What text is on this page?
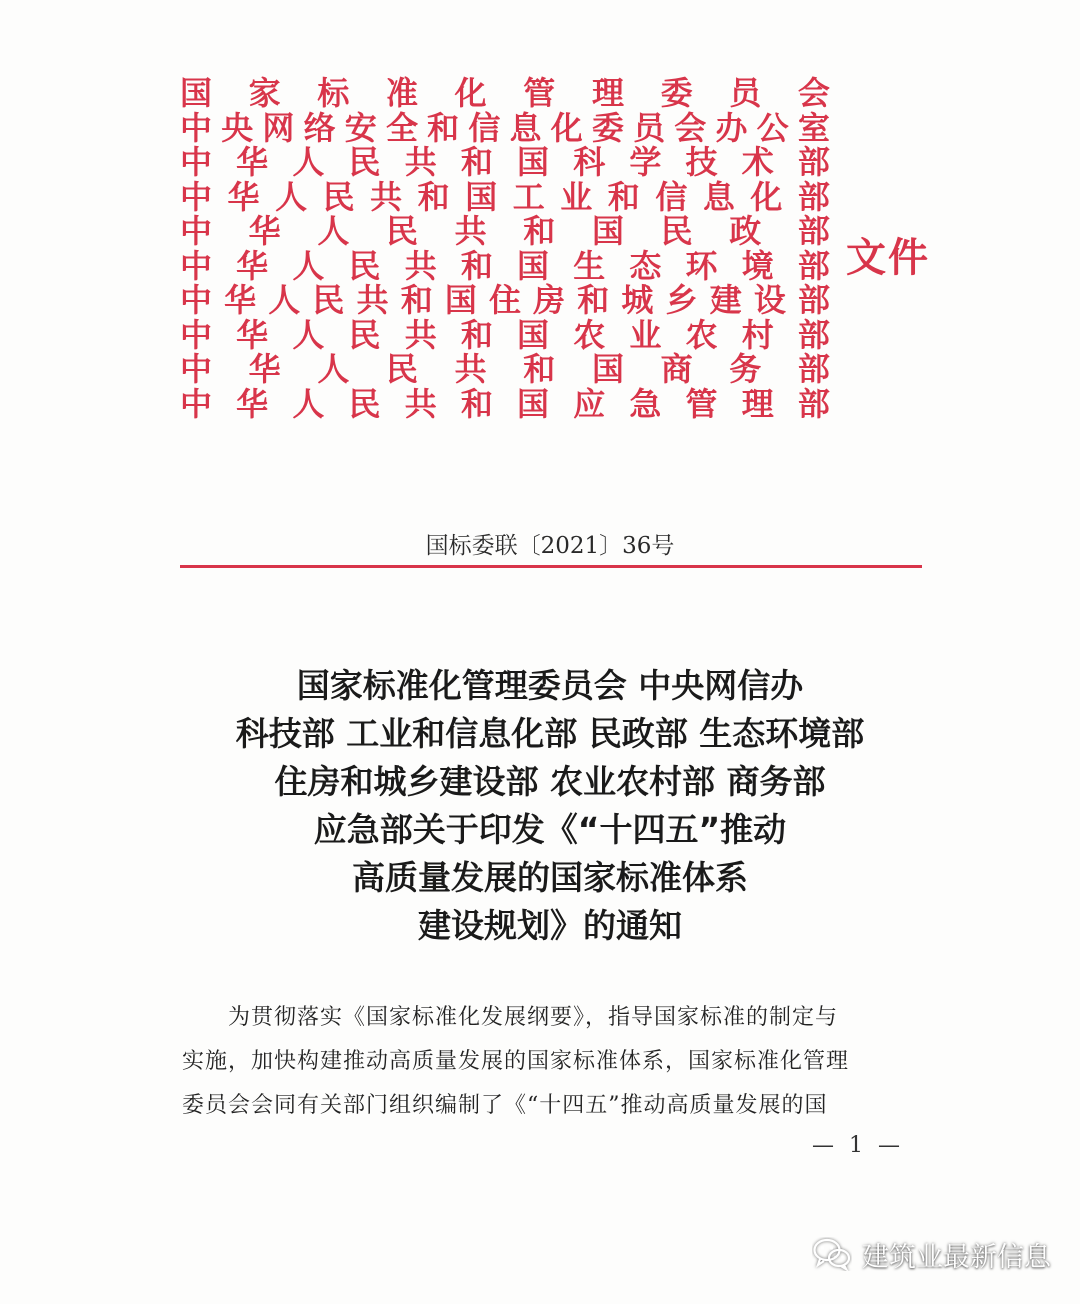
国 家 标 准 化 管 理 委 员 会
中 央 网 络 安 全 和 信 息 化 委 员 会 办 公 室
中 华 人 民 共 和 国 科 学 技 术 部
中 华 人 民 共 和 国 工 业 和 信 息 化 部
中 华 人 民 共 和 国 民 政 部
中 华 人 民 共 和 国 生 态 环 境 部
中 华 人 民 共 和 国 住 房 和 城 乡 建 设 部
中 华 人 民 共 和 国 农 业 农 村 部
中 华 人 民 共 和 国 商 务 部
中 华 人 民 共 和 国 应 急 管 理 部
文件
国标委联〔2021〕36号
国家标准化管理委员会 中央网信办
科技部 工业和信息化部 民政部 生态环境部
住房和城乡建设部 农业农村部 商务部
应急部关于印发《“十四五”推动
高质量发展的国家标准体系
建设规划》的通知
　　为贯彻落实《国家标准化发展纲要》，指导国家标准的制定与
实施，加快构建推动高质量发展的国家标准体系，国家标准化管理
委员会会同有关部门组织编制了《“十四五”推动高质量发展的国
— 1 —
建筑业最新信息
